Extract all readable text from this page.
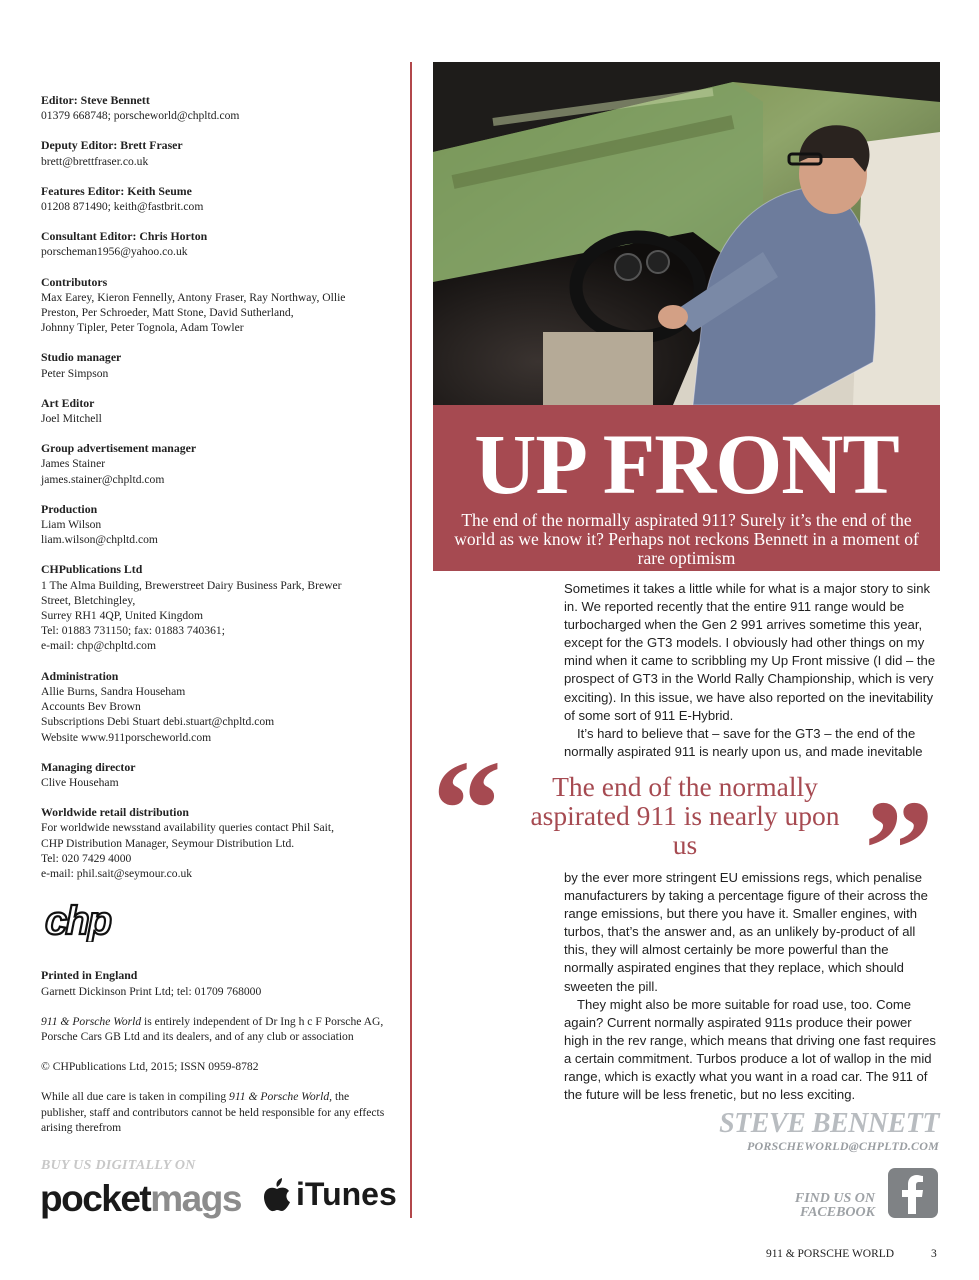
Editor: Steve Bennett
01379 668748; porscheworld@chpltd.com
Deputy Editor: Brett Fraser
brett@brettfraser.co.uk
Features Editor: Keith Seume
01208 871490; keith@fastbrit.com
Consultant Editor: Chris Horton
porscheman1956@yahoo.co.uk
Contributors
Max Earey, Kieron Fennelly, Antony Fraser, Ray Northway, Ollie
Preston, Per Schroeder, Matt Stone, David Sutherland,
Johnny Tipler, Peter Tognola, Adam Towler
Studio manager
Peter Simpson
Art Editor
Joel Mitchell
Group advertisement manager
James Stainer
james.stainer@chpltd.com
Production
Liam Wilson
liam.wilson@chpltd.com
CHPublications Ltd
1 The Alma Building, Brewerstreet Dairy Business Park, Brewer
Street, Bletchingley,
Surrey RH1 4QP, United Kingdom
Tel: 01883 731150; fax: 01883 740361;
e-mail: chp@chpltd.com
Administration
Allie Burns, Sandra Househam
Accounts Bev Brown
Subscriptions Debi Stuart debi.stuart@chpltd.com
Website www.911porscheworld.com
Managing director
Clive Househam
Worldwide retail distribution
For worldwide newsstand availability queries contact Phil Sait,
CHP Distribution Manager, Seymour Distribution Ltd.
Tel: 020 7429 4000
e-mail: phil.sait@seymour.co.uk
chp
Printed in England
Garnett Dickinson Print Ltd; tel: 01709 768000
911 & Porsche World is entirely independent of Dr Ing h c F Porsche AG, Porsche Cars GB Ltd and its dealers, and of any club or association
© CHPublications Ltd, 2015; ISSN 0959-8782
While all due care is taken in compiling 911 & Porsche World, the publisher, staff and contributors cannot be held responsible for any effects arising therefrom
BUY US DIGITALLY ON
pocketmags iTunes
UP FRONT
The end of the normally aspirated 911? Surely it’s the end of the world as we know it? Perhaps not reckons Bennett in a moment of rare optimism

Sometimes it takes a little while for what is a major story to sink in. We reported recently that the entire 911 range would be turbocharged when the Gen 2 991 arrives sometime this year, except for the GT3 models. I obviously had other things on my mind when it came to scribbling my Up Front missive (I did – the prospect of GT3 in the World Rally Championship, which is very exciting). In this issue, we have also reported on the inevitability of some sort of 911 E-Hybrid.

It’s hard to believe that – save for the GT3 – the end of the normally aspirated 911 is nearly upon us, and made inevitable

“	The end of the normally aspirated 911 is nearly upon us	”

by the ever more stringent EU emissions regs, which penalise manufacturers by taking a percentage figure of their across the range emissions, but there you have it. Smaller engines, with turbos, that’s the answer and, as an unlikely by-product of all this, they will almost certainly be more powerful than the normally aspirated engines that they replace, which should sweeten the pill.

They might also be more suitable for road use, too. Come again? Current normally aspirated 911s produce their power high in the rev range, which means that driving one fast requires a certain commitment. Turbos produce a lot of wallop in the mid range, which is exactly what you want in a road car. The 911 of the future will be less frenetic, but no less exciting.

STEVE BENNETT
PORSCHEWORLD@CHPLTD.COM
FIND US ON
FACEBOOK
911 & PORSCHE WORLD	3
